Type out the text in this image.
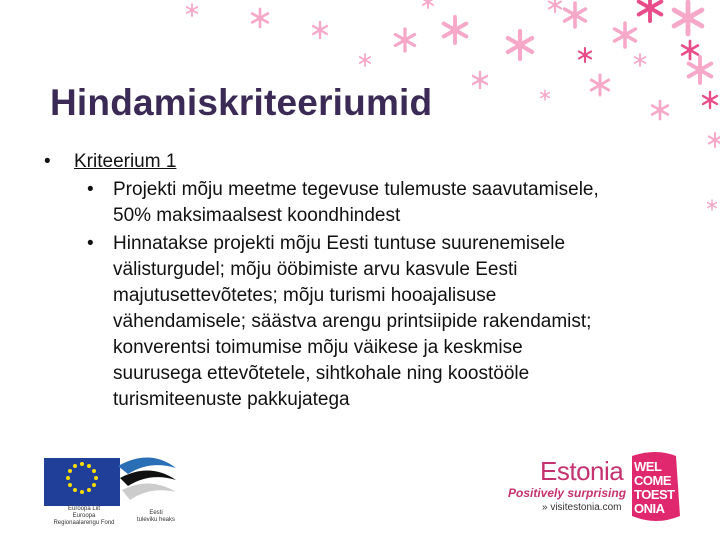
Hindamiskriteeriumid
• Kriteerium 1
• Projekti mõju meetme tegevuse tulemuste saavutamisele,
50% maksimaalsest koondhindest
• Hinnatakse projekti mõju Eesti tuntuse suurenemisele
välisturgudel; mõju ööbimiste arvu kasvule Eesti
majutusettevõtetes; mõju turismi hooajalisuse
vähendamisele; säästva arengu printsiipide rakendamist;
konverentsi toimumise mõju väikese ja keskmise
suurusega ettevõtetele, sihtkohale ning koostööle
turismiteenuste pakkujatega
Euroopa Liit
Euroopa
Regionaalarengu Fond
Eesti
tuleviku heaks
Estonia
Positively surprising
» visitestonia.com
WEL
COME
TOEST
ONIA
